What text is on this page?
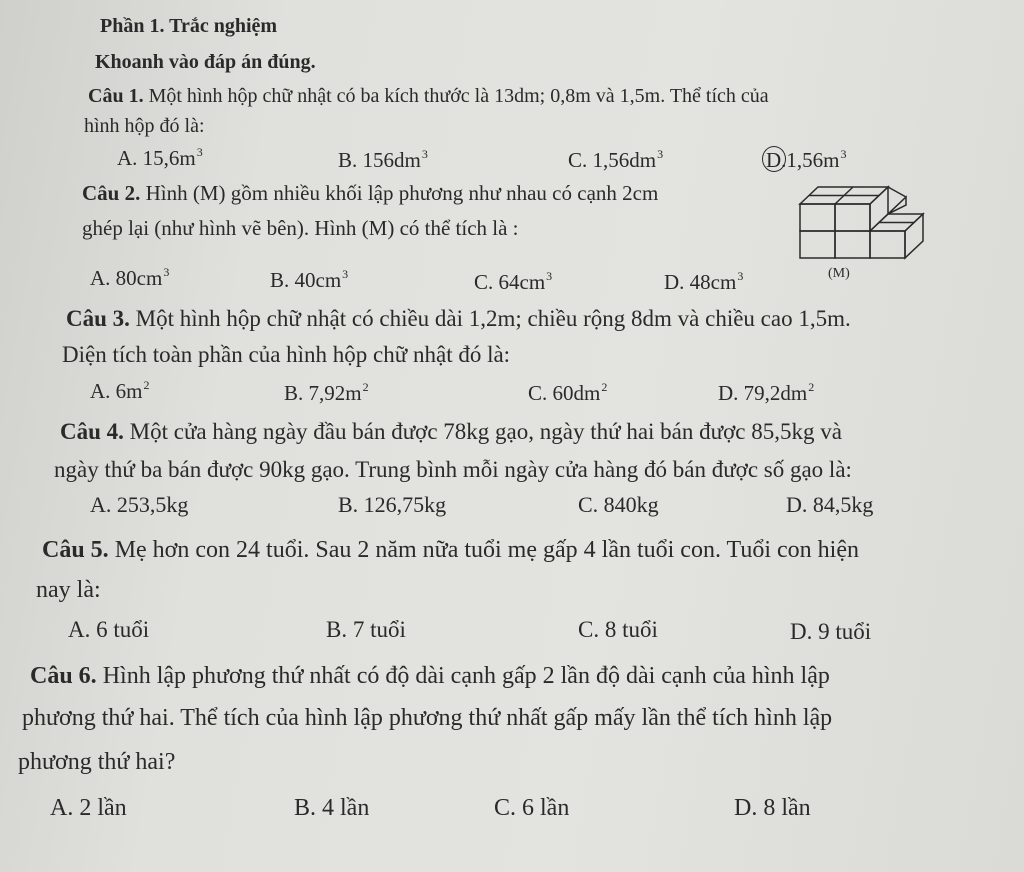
Phần 1. Trắc nghiệm
Khoanh vào đáp án đúng.
Câu 1. Một hình hộp chữ nhật có ba kích thước là 13dm; 0,8m và 1,5m. Thể tích của
hình hộp đó là:
A. $15,6m^3$	B. $156dm^3$	C. $1,56dm^3$	$D.1,56m^3$
Câu 2. Hình (M) gồm nhiều khối lập phương như nhau có cạnh 2cm
ghép lại (như hình vẽ bên). Hình (M) có thể tích là :
(M)
A. $80cm^3$	B. $40cm^3$	C. $64cm^3$	D. $48cm^3$
Câu 3. Một hình hộp chữ nhật có chiều dài 1,2m; chiều rộng 8dm và chiều cao 1,5m.
Diện tích toàn phần của hình hộp chữ nhật đó là:
A. $6m^2$	B. $7,92m^2$	C. $60dm^2$	D. $79,2dm^2$
Câu 4. Một cửa hàng ngày đầu bán được 78kg gạo, ngày thứ hai bán được 85,5kg và
ngày thứ ba bán được 90kg gạo. Trung bình mỗi ngày cửa hàng đó bán được số gạo là:
A. 253,5kg	B. 126,75kg	C. 840kg	D. 84,5kg
Câu 5. Mẹ hơn con 24 tuổi. Sau 2 năm nữa tuổi mẹ gấp 4 lần tuổi con. Tuổi con hiện
nay là:
A. 6 tuổi	B. 7 tuổi	C. 8 tuổi	D. 9 tuổi
Câu 6. Hình lập phương thứ nhất có độ dài cạnh gấp 2 lần độ dài cạnh của hình lập
phương thứ hai. Thể tích của hình lập phương thứ nhất gấp mấy lần thể tích hình lập
phương thứ hai?
A. 2 lần	B. 4 lần	C. 6 lần	D. 8 lần
